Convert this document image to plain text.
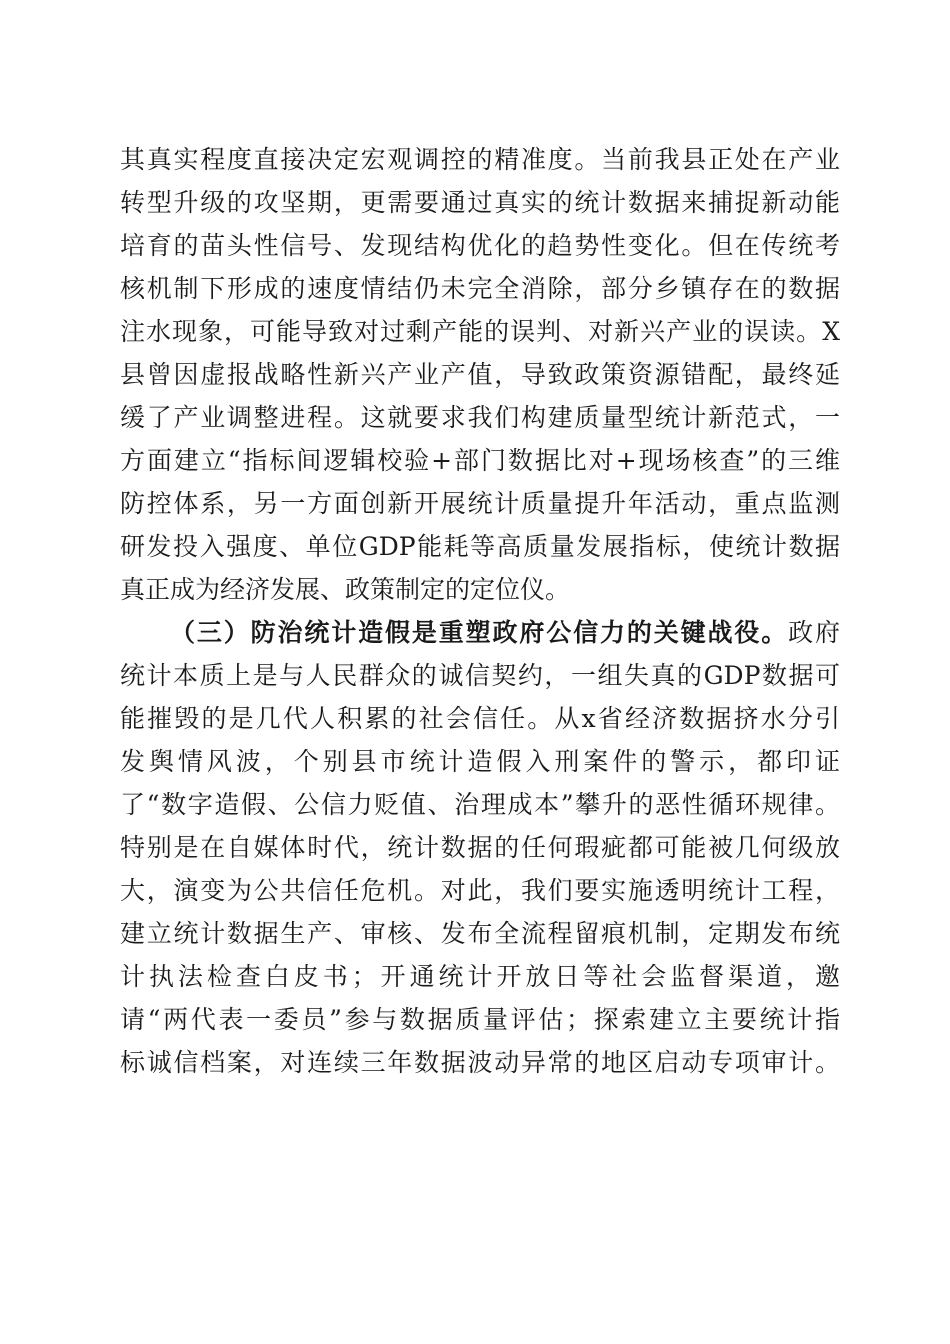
其真实程度直接决定宏观调控的精准度。当前我县正处在产业
转型升级的攻坚期，更需要通过真实的统计数据来捕捉新动能
培育的苗头性信号、发现结构优化的趋势性变化。但在传统考
核机制下形成的速度情结仍未完全消除，部分乡镇存在的数据
注水现象，可能导致对过剩产能的误判、对新兴产业的误读。X
县曾因虚报战略性新兴产业产值，导致政策资源错配，最终延
缓了产业调整进程。这就要求我们构建质量型统计新范式，一
方面建立“指标间逻辑校验+部门数据比对+现场核查”的三维
防控体系，另一方面创新开展统计质量提升年活动，重点监测
研发投入强度、单位GDP能耗等高质量发展指标，使统计数据
真正成为经济发展、政策制定的定位仪。
（三）防治统计造假是重塑政府公信力的关键战役。政府
统计本质上是与人民群众的诚信契约，一组失真的GDP数据可
能摧毁的是几代人积累的社会信任。从x省经济数据挤水分引
发舆情风波，个别县市统计造假入刑案件的警示，都印证
了“数字造假、公信力贬值、治理成本”攀升的恶性循环规律。
特别是在自媒体时代，统计数据的任何瑕疵都可能被几何级放
大，演变为公共信任危机。对此，我们要实施透明统计工程，
建立统计数据生产、审核、发布全流程留痕机制，定期发布统
计执法检查白皮书；开通统计开放日等社会监督渠道，邀
请“两代表一委员”参与数据质量评估；探索建立主要统计指
标诚信档案，对连续三年数据波动异常的地区启动专项审计。
